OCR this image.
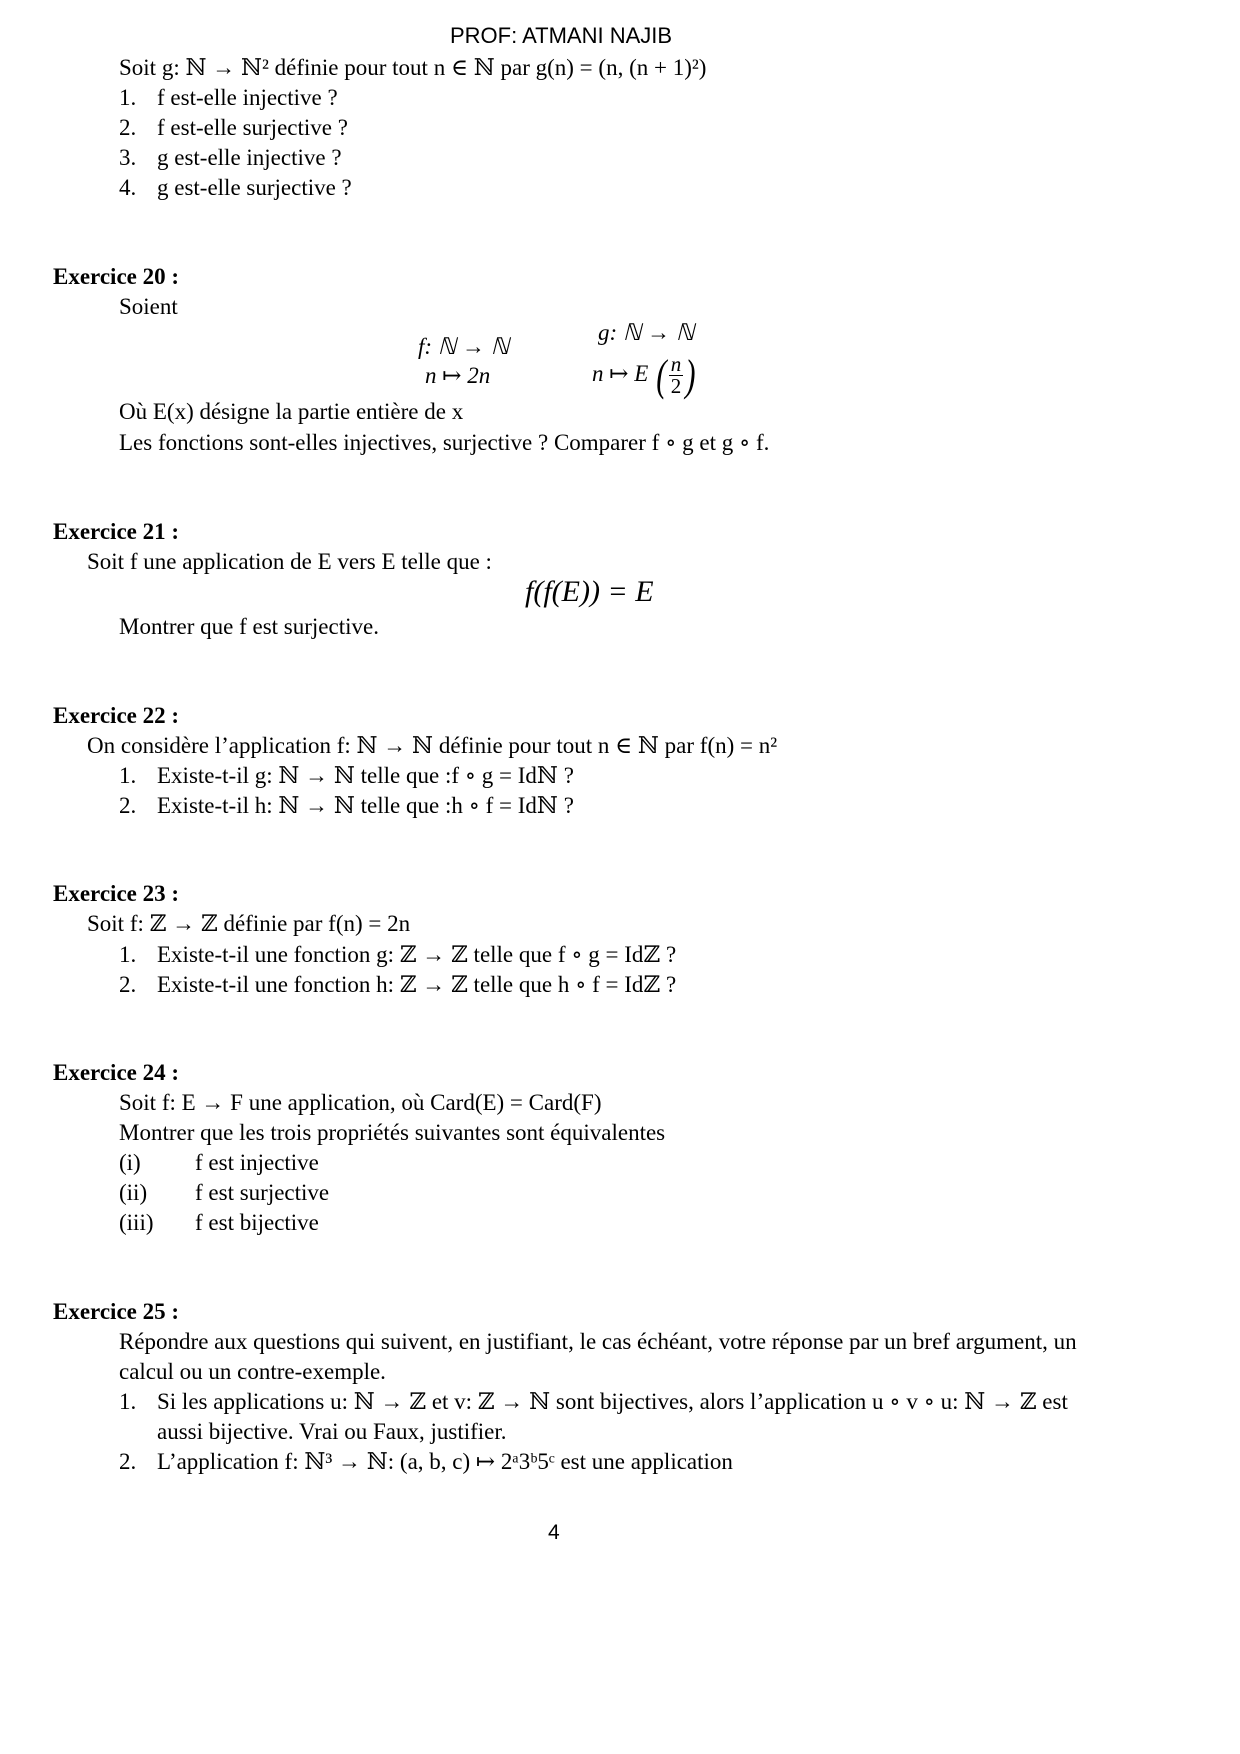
PROF: ATMANI NAJIB
Soit g: ℕ → ℕ² définie pour tout n ∈ ℕ par g(n) = (n, (n + 1)²)
1. f est-elle injective ?
2. f est-elle surjective ?
3. g est-elle injective ?
4. g est-elle surjective ?
Exercice 20 :
Soient
f: ℕ → ℕ
n ↦ 2n
g: ℕ → ℕ
n ↦ E ( $\frac{n}{2}$ )
Où E(x) désigne la partie entière de x
Les fonctions sont-elles injectives, surjective ? Comparer f ∘ g et g ∘ f.
Exercice 21 :
Soit f une application de E vers E telle que :
f(f(E)) = E
Montrer que f est surjective.
Exercice 22 :
On considère l’application f: ℕ → ℕ définie pour tout n ∈ ℕ par f(n) = n²
1. Existe-t-il g: ℕ → ℕ telle que :f ∘ g = Idℕ ?
2. Existe-t-il h: ℕ → ℕ telle que :h ∘ f = Idℕ ?
Exercice 23 :
Soit f: ℤ → ℤ définie par f(n) = 2n
1. Existe-t-il une fonction g: ℤ → ℤ telle que f ∘ g = Idℤ ?
2. Existe-t-il une fonction h: ℤ → ℤ telle que h ∘ f = Idℤ ?
Exercice 24 :
Soit f: E → F une application, où Card(E) = Card(F)
Montrer que les trois propriétés suivantes sont équivalentes
(i) f est injective
(ii) f est surjective
(iii) f est bijective
Exercice 25 :
Répondre aux questions qui suivent, en justifiant, le cas échéant, votre réponse par un bref argument, un
calcul ou un contre-exemple.
1. Si les applications u: ℕ → ℤ et v: ℤ → ℕ sont bijectives, alors l’application u ∘ v ∘ u: ℕ → ℤ est
aussi bijective. Vrai ou Faux, justifier.
2. L’application f: ℕ³ → ℕ: (a, b, c) ↦ 2ᵃ3ᵇ5ᶜ est une application
4
